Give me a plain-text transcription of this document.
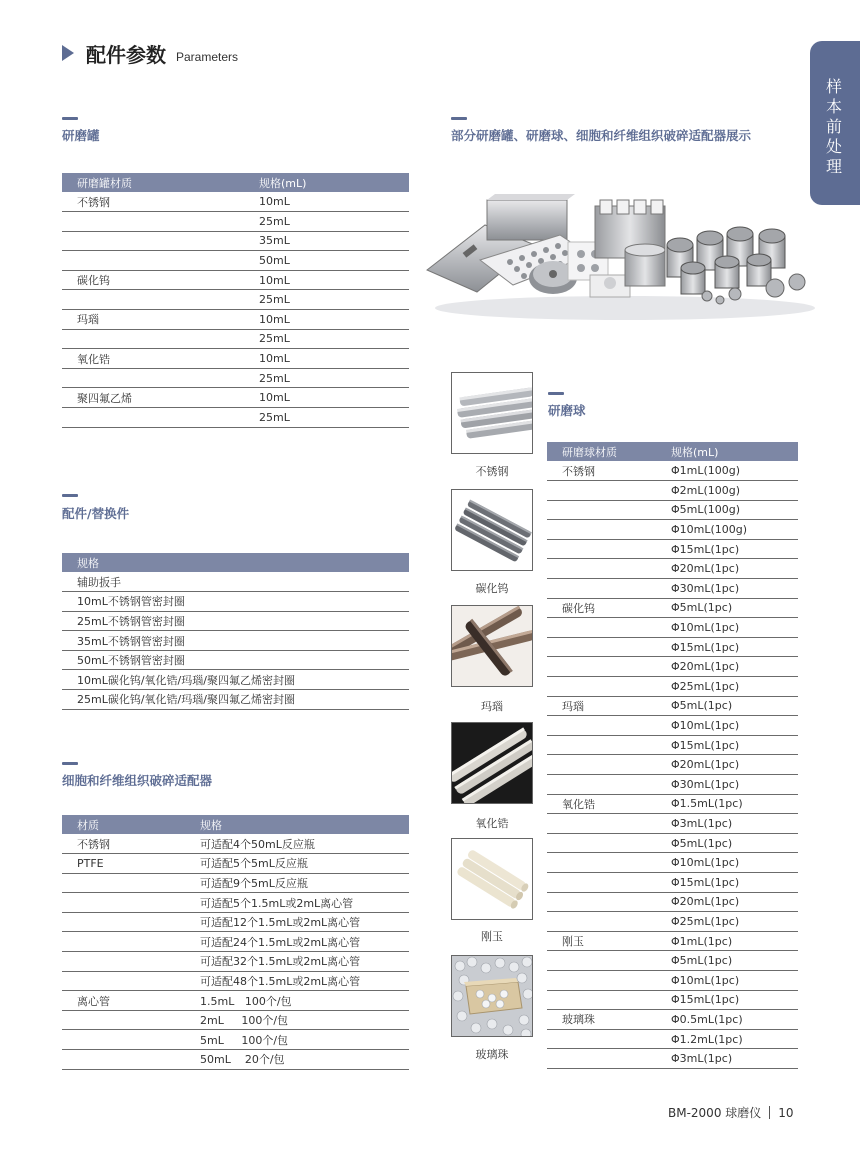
配件参数 Parameters
样本前处理
研磨罐
研磨罐材质	规格(mL)
不锈钢	10mL
	25mL
	35mL
	50mL
碳化钨	10mL
	25mL
玛瑙	10mL
	25mL
氧化锆	10mL
	25mL
聚四氟乙烯	10mL
	25mL
配件/替换件
规格
辅助扳手
10mL不锈钢管密封圈
25mL不锈钢管密封圈
35mL不锈钢管密封圈
50mL不锈钢管密封圈
10mL碳化钨/氧化锆/玛瑙/聚四氟乙烯密封圈
25mL碳化钨/氧化锆/玛瑙/聚四氟乙烯密封圈
细胞和纤维组织破碎适配器
材质	规格
不锈钢	可适配4个50mL反应瓶
PTFE	可适配5个5mL反应瓶
	可适配9个5mL反应瓶
	可适配5个1.5mL或2mL离心管
	可适配12个1.5mL或2mL离心管
	可适配24个1.5mL或2mL离心管
	可适配32个1.5mL或2mL离心管
	可适配48个1.5mL或2mL离心管
离心管	1.5mL   100个/包
	2mL     100个/包
	5mL     100个/包
	50mL    20个/包
部分研磨罐、研磨球、细胞和纤维组织破碎适配器展示
不锈钢
碳化钨
玛瑙
氧化锆
刚玉
玻璃珠
研磨球
研磨球材质	规格(mL)
不锈钢	Φ1mL(100g)
	Φ2mL(100g)
	Φ5mL(100g)
	Φ10mL(100g)
	Φ15mL(1pc)
	Φ20mL(1pc)
	Φ30mL(1pc)
碳化钨	Φ5mL(1pc)
	Φ10mL(1pc)
	Φ15mL(1pc)
	Φ20mL(1pc)
	Φ25mL(1pc)
玛瑙	Φ5mL(1pc)
	Φ10mL(1pc)
	Φ15mL(1pc)
	Φ20mL(1pc)
	Φ30mL(1pc)
氧化锆	Φ1.5mL(1pc)
	Φ3mL(1pc)
	Φ5mL(1pc)
	Φ10mL(1pc)
	Φ15mL(1pc)
	Φ20mL(1pc)
	Φ25mL(1pc)
刚玉	Φ1mL(1pc)
	Φ5mL(1pc)
	Φ10mL(1pc)
	Φ15mL(1pc)
玻璃珠	Φ0.5mL(1pc)
	Φ1.2mL(1pc)
	Φ3mL(1pc)
BM-2000 球磨仪 10
